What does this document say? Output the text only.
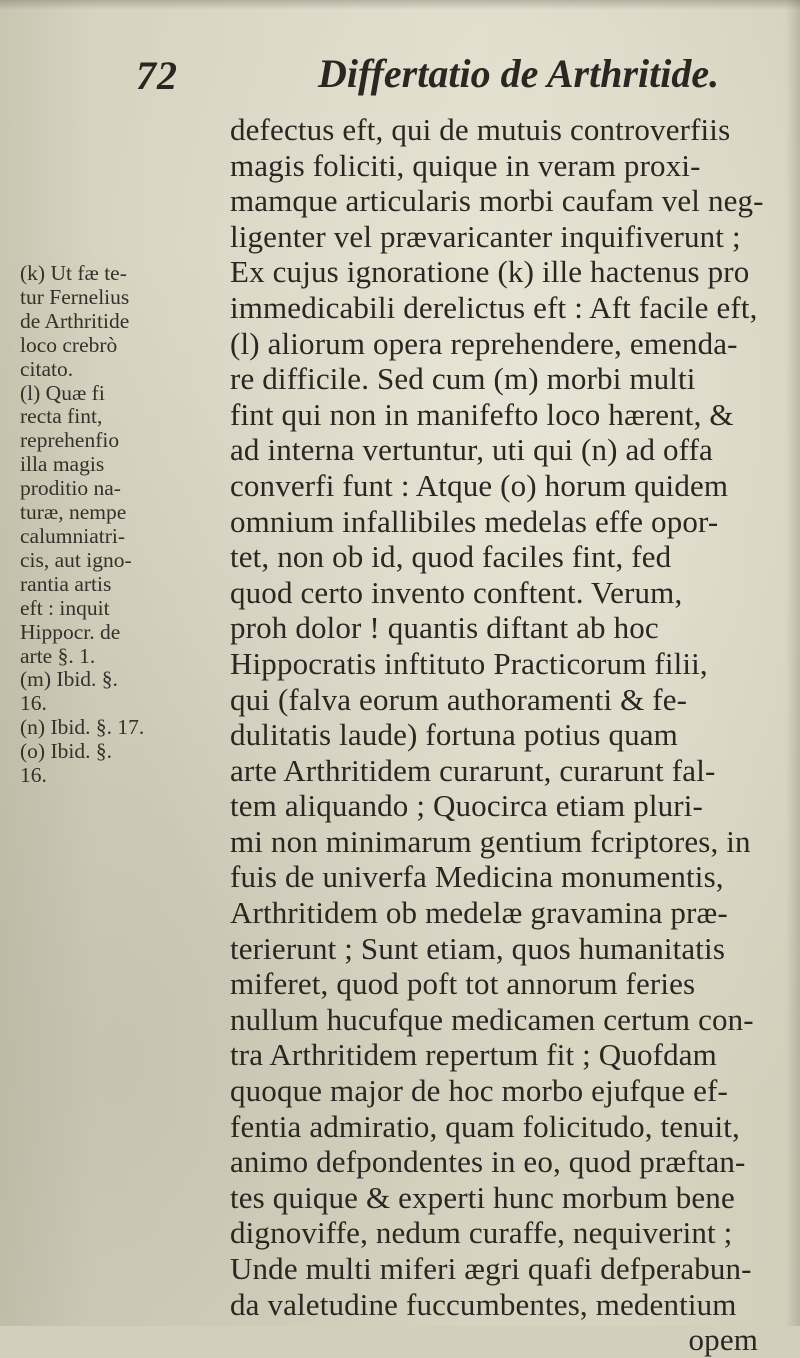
72	Differtatio de Arthritide.
(k) Ut fæ te-
tur Fernelius
de Arthritide
loco crebrò
citato.
(l) Quæ fi
recta fint,
reprehenfio
illa magis
proditio na-
turæ, nempe
calumniatri-
cis, aut igno-
rantia artis
eft : inquit
Hippocr. de
arte §. 1.
(m) Ibid. §.
16.
(n) Ibid. §. 17.
(o) Ibid. §.
16.
defectus eft, qui de mutuis controverfiis
magis foliciti, quique in veram proxi-
mamque articularis morbi caufam vel neg-
ligenter vel prævaricanter inquifiverunt ;
Ex cujus ignoratione (k) ille hactenus pro
immedicabili derelictus eft : Aft facile eft,
(l) aliorum opera reprehendere, emenda-
re difficile. Sed cum (m) morbi multi
fint qui non in manifefto loco hærent, &
ad interna vertuntur, uti qui (n) ad offa
converfi funt : Atque (o) horum quidem
omnium infallibiles medelas effe opor-
tet, non ob id, quod faciles fint, fed
quod certo invento conftent. Verum,
proh dolor ! quantis diftant ab hoc
Hippocratis inftituto Practicorum filii,
qui (falva eorum authoramenti & fe-
dulitatis laude) fortuna potius quam
arte Arthritidem curarunt, curarunt fal-
tem aliquando ; Quocirca etiam pluri-
mi non minimarum gentium fcriptores, in
fuis de univerfa Medicina monumentis,
Arthritidem ob medelæ gravamina præ-
terierunt ; Sunt etiam, quos humanitatis
miferet, quod poft tot annorum feries
nullum hucufque medicamen certum con-
tra Arthritidem repertum fit ; Quofdam
quoque major de hoc morbo ejufque ef-
fentia admiratio, quam folicitudo, tenuit,
animo defpondentes in eo, quod præftan-
tes quique & experti hunc morbum bene
dignoviffe, nedum curaffe, nequiverint ;
Unde multi miferi ægri quafi defperabun-
da valetudine fuccumbentes, medentium
opem
